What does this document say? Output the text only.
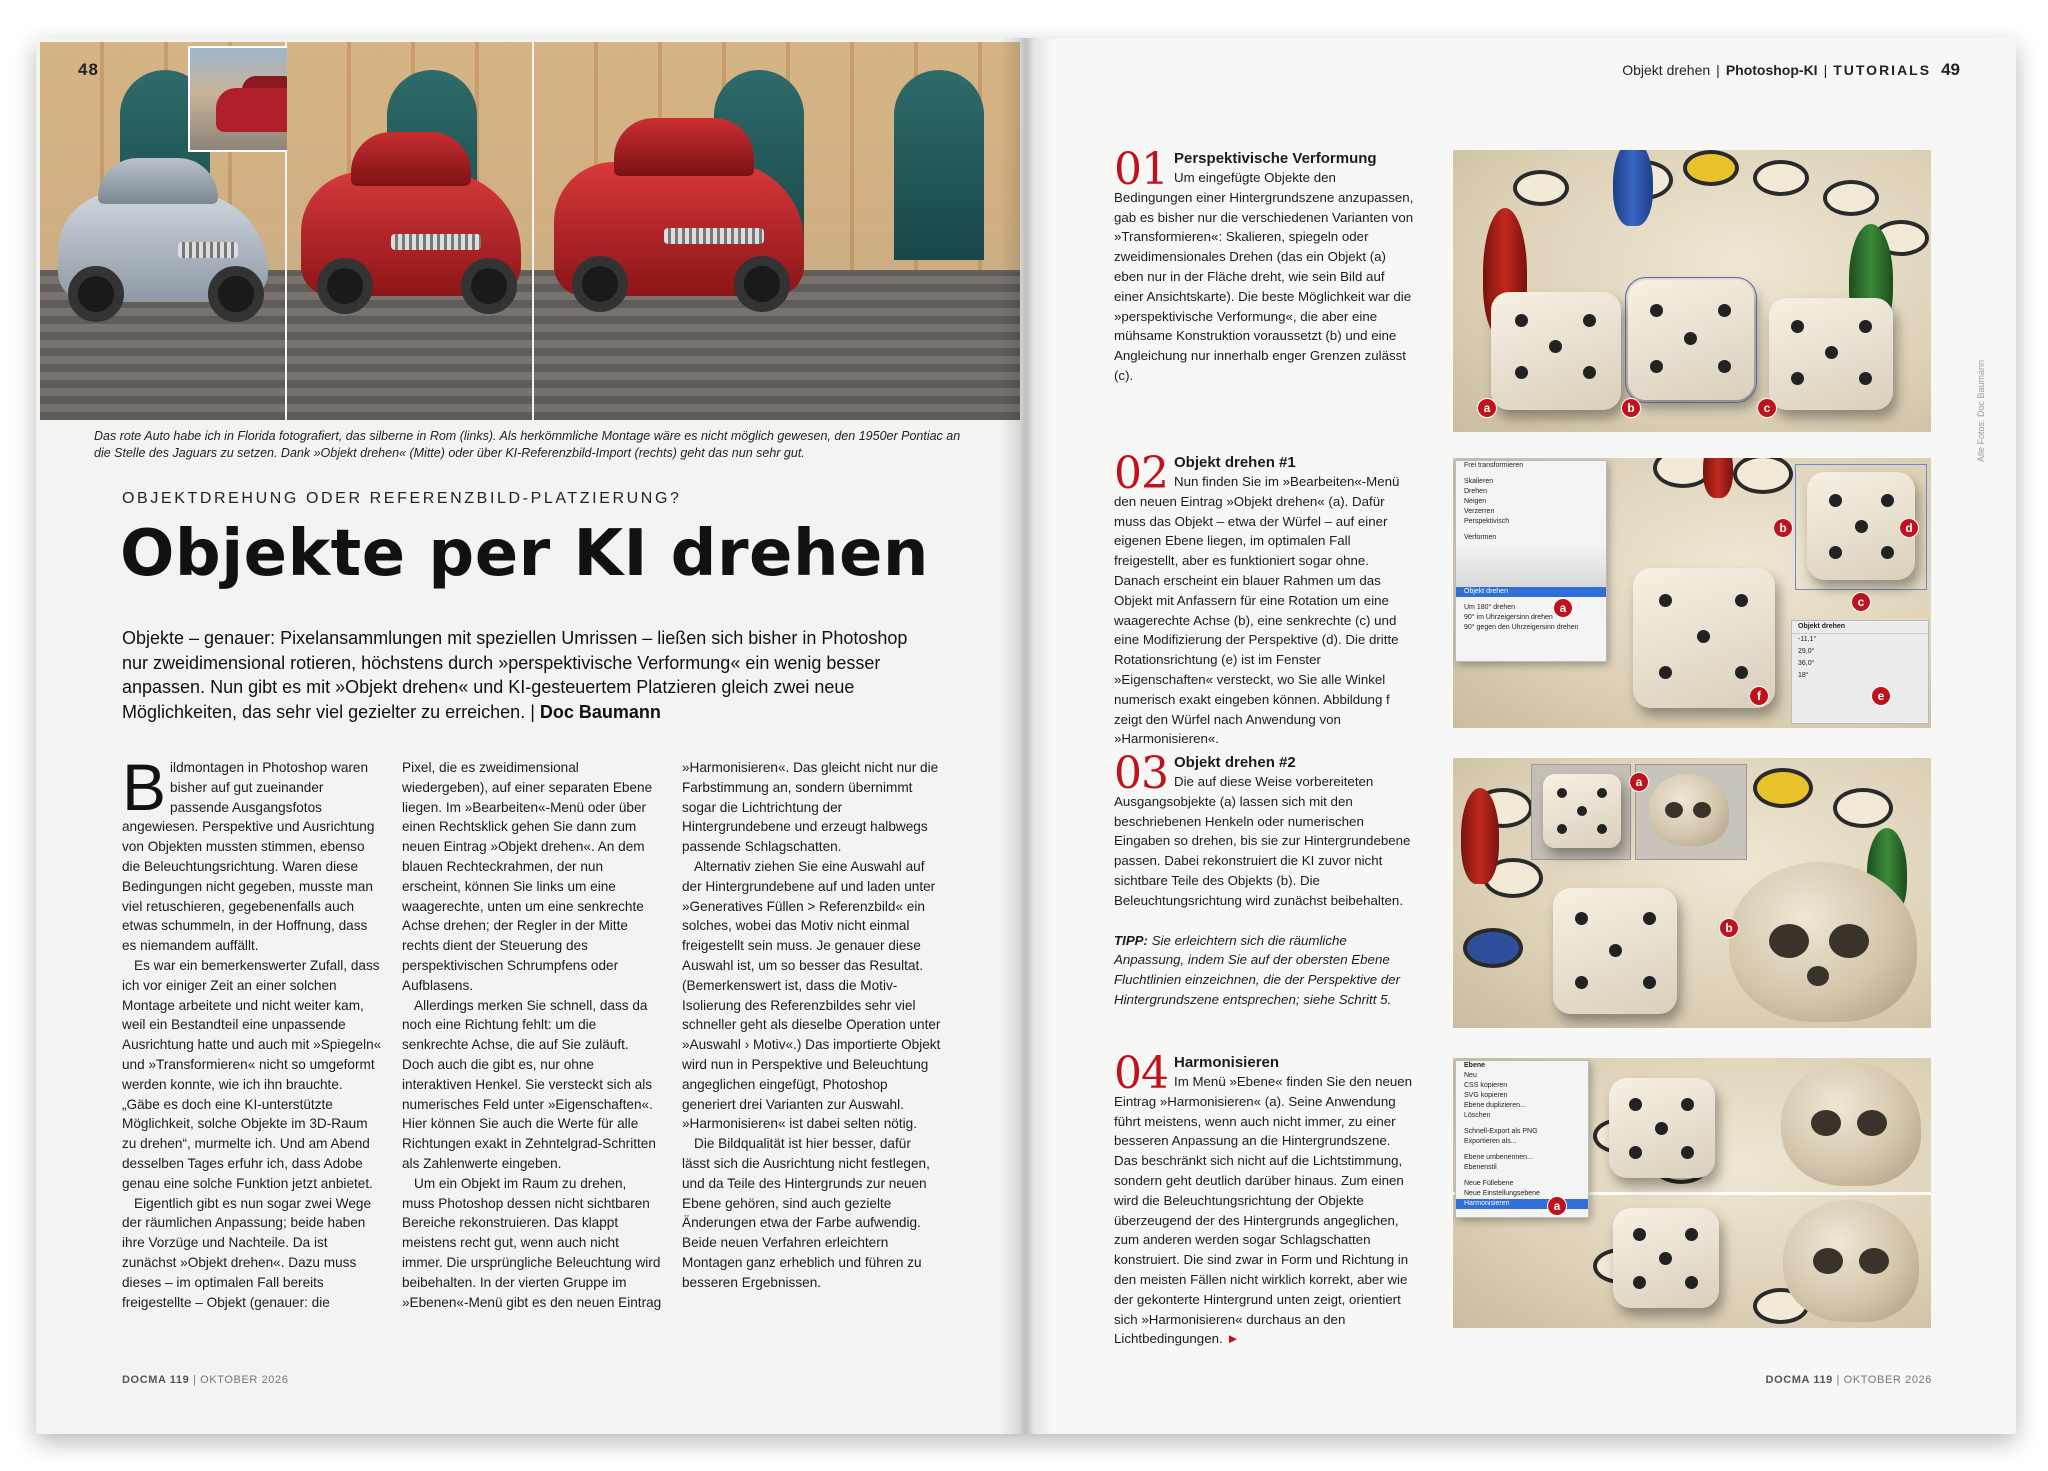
48
Das rote Auto habe ich in Florida fotografiert, das silberne in Rom (links). Als herkömmliche Montage wäre es nicht möglich gewesen, den 1950er Pontiac an die Stelle des Jaguars zu setzen. Dank »Objekt drehen« (Mitte) oder über KI-Referenzbild-Import (rechts) geht das nun sehr gut.
OBJEKTDREHUNG ODER REFERENZBILD-PLATZIERUNG?
Objekte per KI drehen
Objekte – genauer: Pixelansammlungen mit speziellen Umrissen – ließen sich bisher in Photoshop nur zweidimensional rotieren, höchstens durch »perspektivische Verformung« ein wenig besser anpassen. Nun gibt es mit »Objekt drehen« und KI-gesteuertem Platzieren gleich zwei neue Möglichkeiten, das sehr viel gezielter zu erreichen. | Doc Baumann

Bildmontagen in Photoshop waren bisher auf gut zueinander passende Ausgangsfotos angewiesen. Perspektive und Ausrichtung von Objekten mussten stimmen, ebenso die Beleuchtungsrichtung. Waren diese Bedingungen nicht gegeben, musste man viel retuschieren, gegebenenfalls auch etwas schummeln, in der Hoffnung, dass es niemandem auffällt.

Es war ein bemerkenswerter Zufall, dass ich vor einiger Zeit an einer solchen Montage arbeitete und nicht weiter kam, weil ein Bestandteil eine unpassende Ausrichtung hatte und auch mit »Spiegeln« und »Transformieren« nicht so umgeformt werden konnte, wie ich ihn brauchte. „Gäbe es doch eine KI-unterstützte Möglichkeit, solche Objekte im 3D-Raum zu drehen“, murmelte ich. Und am Abend desselben Tages erfuhr ich, dass Adobe genau eine solche Funktion jetzt anbietet.

Eigentlich gibt es nun sogar zwei Wege der räumlichen Anpassung; beide haben ihre Vorzüge und Nachteile. Da ist zunächst »Objekt drehen«. Dazu muss dieses – im optimalen Fall bereits freigestellte – Objekt (genauer: die

Pixel, die es zweidimensional wiedergeben), auf einer separaten Ebene liegen. Im »Bearbeiten«-Menü oder über einen Rechtsklick gehen Sie dann zum neuen Eintrag »Objekt drehen«. An dem blauen Rechteckrahmen, der nun erscheint, können Sie links um eine waagerechte, unten um eine senkrechte Achse drehen; der Regler in der Mitte rechts dient der Steuerung des perspektivischen Schrumpfens oder Aufblasens.

Allerdings merken Sie schnell, dass da noch eine Richtung fehlt: um die senkrechte Achse, die auf Sie zuläuft. Doch auch die gibt es, nur ohne interaktiven Henkel. Sie versteckt sich als numerisches Feld unter »Eigenschaften«. Hier können Sie auch die Werte für alle Richtungen exakt in Zehntelgrad-Schritten als Zahlenwerte eingeben.

Um ein Objekt im Raum zu drehen, muss Photoshop dessen nicht sichtbaren Bereiche rekonstruieren. Das klappt meistens recht gut, wenn auch nicht immer. Die ursprüngliche Beleuchtung wird beibehalten. In der vierten Gruppe im »Ebenen«-Menü gibt es den neuen Eintrag

»Harmonisieren«. Das gleicht nicht nur die Farbstimmung an, sondern übernimmt sogar die Lichtrichtung der Hintergrundebene und erzeugt halbwegs passende Schlagschatten.

Alternativ ziehen Sie eine Auswahl auf der Hintergrundebene auf und laden unter »Generatives Füllen > Referenzbild« ein solches, wobei das Motiv nicht einmal freigestellt sein muss. Je genauer diese Auswahl ist, um so besser das Resultat. (Bemerkenswert ist, dass die Motiv-Isolierung des Referenzbildes sehr viel schneller geht als dieselbe Operation unter »Auswahl › Motiv«.) Das importierte Objekt wird nun in Perspektive und Beleuchtung angeglichen eingefügt, Photoshop generiert drei Varianten zur Auswahl. »Harmonisieren« ist dabei selten nötig.

Die Bildqualität ist hier besser, dafür lässt sich die Ausrichtung nicht festlegen, und da Teile des Hintergrunds zur neuen Ebene gehören, sind auch gezielte Änderungen etwa der Farbe aufwendig. Beide neuen Verfahren erleichtern Montagen ganz erheblich und führen zu besseren Ergebnissen.

DOCMA 119 | OKTOBER 2026
Objekt drehen | Photoshop-KI | TUTORIALS 49
01 Perspektivische Verformung
Um eingefügte Objekte den Bedingungen einer Hintergrundszene anzupassen, gab es bisher nur die verschiedenen Varianten von »Transformieren«: Skalieren, spiegeln oder zweidimensionales Drehen (das ein Objekt (a) eben nur in der Fläche dreht, wie sein Bild auf einer Ansichtskarte). Die beste Möglichkeit war die »perspektivische Verformung«, die aber eine mühsame Konstruktion voraussetzt (b) und eine Angleichung nur innerhalb enger Grenzen zulässt (c).
a	b	c	Alle Fotos: Doc Baumann
02 Objekt drehen #1
Nun finden Sie im »Bearbeiten«-Menü den neuen Eintrag »Objekt drehen« (a). Dafür muss das Objekt – etwa der Würfel – auf einer eigenen Ebene liegen, im optimalen Fall freigestellt, aber es funktioniert sogar ohne. Danach erscheint ein blauer Rahmen um das Objekt mit Anfassern für eine Rotation um eine waagerechte Achse (b), eine senkrechte (c) und eine Modifizierung der Perspektive (d). Die dritte Rotationsrichtung (e) ist im Fenster »Eigenschaften« versteckt, wo Sie alle Winkel numerisch exakt eingeben können. Abbildung f zeigt den Würfel nach Anwendung von »Harmonisieren«.
Frei transformieren
Skalieren
Drehen
Neigen
Verzerren
Perspektivisch
Verformen
Objekt drehen
Um 180° drehen
90° im Uhrzeigersinn drehen
90° gegen den Uhrzeigersinn drehen	Objekt drehen
-11,1°
29,0°
36,0°
18°
a
b
c
d
e
f
03 Objekt drehen #2
Die auf diese Weise vorbereiteten Ausgangsobjekte (a) lassen sich mit den beschriebenen Henkeln oder numerischen Eingaben so drehen, bis sie zur Hintergrundebene passen. Dabei rekonstruiert die KI zuvor nicht sichtbare Teile des Objekts (b). Die Beleuchtungsrichtung wird zunächst beibehalten.
TIPP: Sie erleichtern sich die räumliche Anpassung, indem Sie auf der obersten Ebene Fluchtlinien einzeichnen, die der Perspektive der Hintergrundszene entsprechen; siehe Schritt 5.
a
b
04 Harmonisieren
Im Menü »Ebene« finden Sie den neuen Eintrag »Harmonisieren« (a). Seine Anwendung führt meistens, wenn auch nicht immer, zu einer besseren Anpassung an die Hintergrundszene. Das beschränkt sich nicht auf die Lichtstimmung, sondern geht deutlich darüber hinaus. Zum einen wird die Beleuchtungsrichtung der Objekte überzeugend der des Hintergrunds angeglichen, zum anderen werden sogar Schlagschatten konstruiert. Die sind zwar in Form und Richtung in den meisten Fällen nicht wirklich korrekt, aber wie der gekonterte Hintergrund unten zeigt, orientiert sich »Harmonisieren« durchaus an den Lichtbedingungen. ►
Ebene
Neu
CSS kopieren
SVG kopieren
Ebene duplizieren...
Löschen
Schnell-Export als PNG
Exportieren als...
Ebene umbenennen...
Ebenenstil
Neue Füllebene
Neue Einstellungsebene
Harmonisieren	a
DOCMA 119 | OKTOBER 2026
